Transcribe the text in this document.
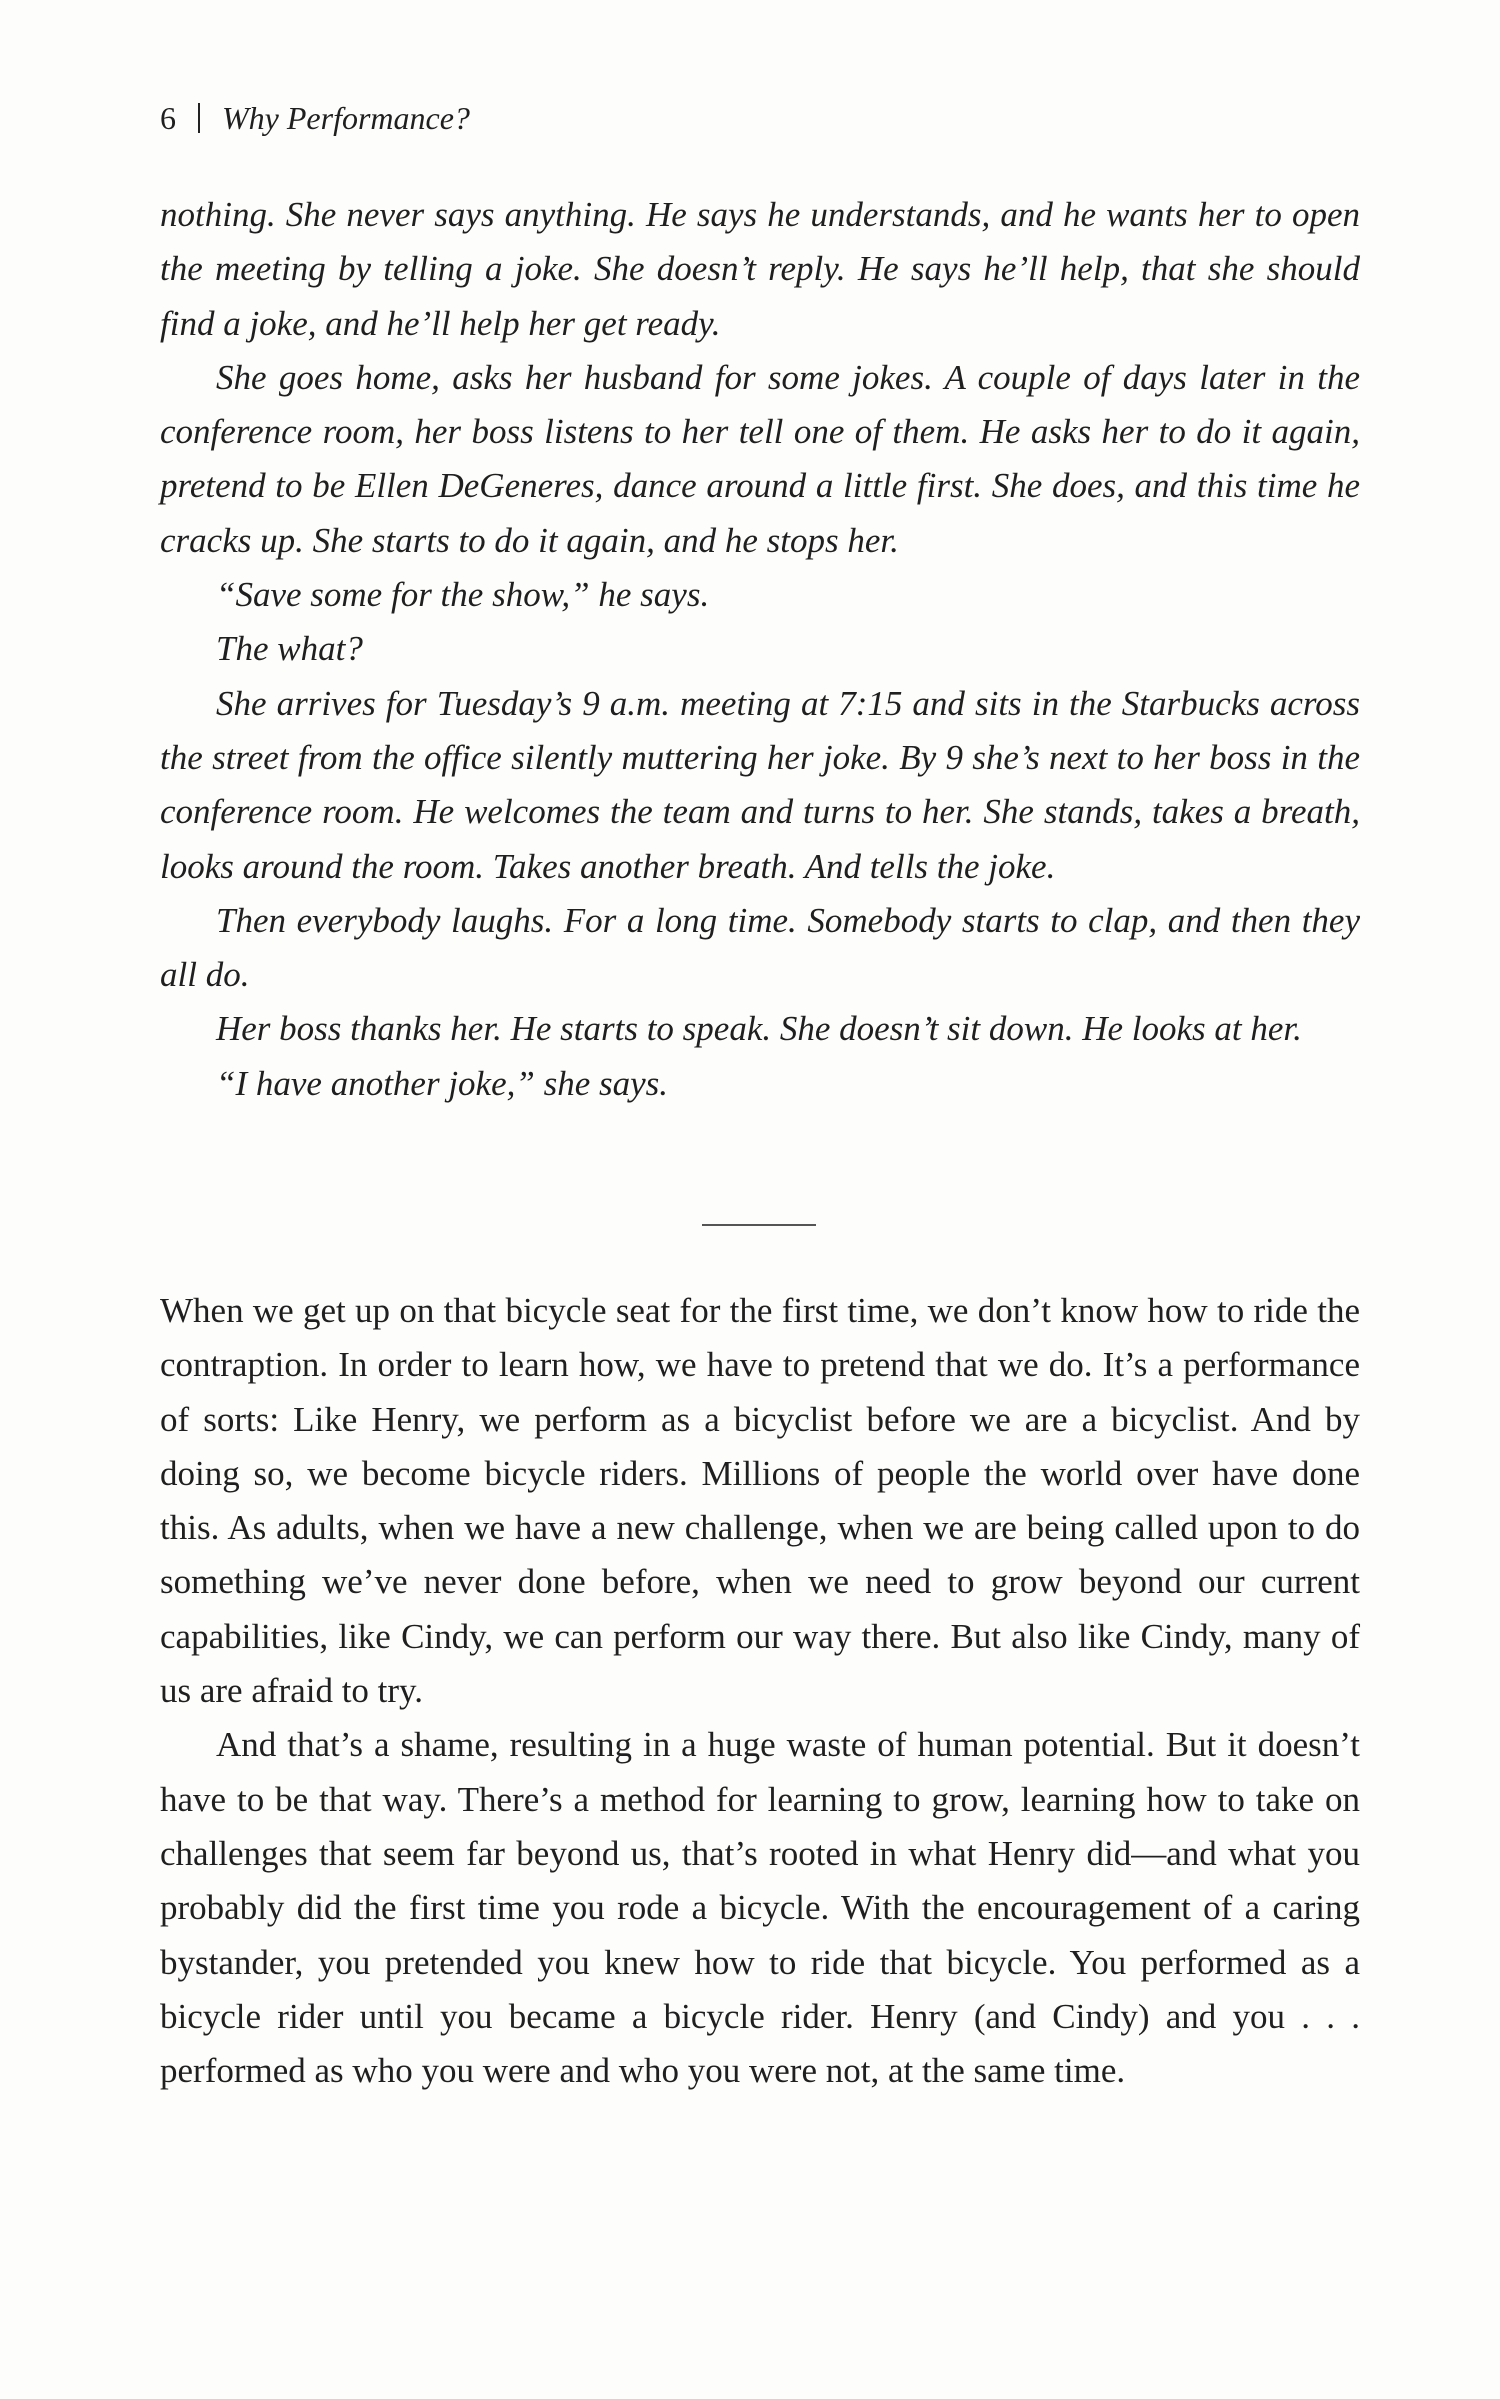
6 Why Performance?

nothing. She never says anything. He says he understands, and he wants her to open the meeting by telling a joke. She doesn’t reply. He says he’ll help, that she should find a joke, and he’ll help her get ready.

She goes home, asks her husband for some jokes. A couple of days later in the conference room, her boss listens to her tell one of them. He asks her to do it again, pretend to be Ellen DeGeneres, dance around a little first. She does, and this time he cracks up. She starts to do it again, and he stops her.

“Save some for the show,” he says.

The what?

She arrives for Tuesday’s 9 a.m. meeting at 7:15 and sits in the Starbucks across the street from the office silently muttering her joke. By 9 she’s next to her boss in the conference room. He welcomes the team and turns to her. She stands, takes a breath, looks around the room. Takes another breath. And tells the joke.

Then everybody laughs. For a long time. Somebody starts to clap, and then they all do.

Her boss thanks her. He starts to speak. She doesn’t sit down. He looks at her.

“I have another joke,” she says.

When we get up on that bicycle seat for the first time, we don’t know how to ride the contraption. In order to learn how, we have to pretend that we do. It’s a performance of sorts: Like Henry, we perform as a bicyclist before we are a bicyclist. And by doing so, we become bicycle riders. Millions of people the world over have done this. As adults, when we have a new challenge, when we are being called upon to do something we’ve never done before, when we need to grow beyond our current capabilities, like Cindy, we can perform our way there. But also like Cindy, many of us are afraid to try.

And that’s a shame, resulting in a huge waste of human potential. But it doesn’t have to be that way. There’s a method for learning to grow, learning how to take on challenges that seem far beyond us, that’s rooted in what Henry did—and what you probably did the first time you rode a bicycle. With the encouragement of a caring bystander, you pretended you knew how to ride that bicycle. You performed as a bicycle rider until you became a bicycle rider. Henry (and Cindy) and you . . . performed as who you were and who you were not, at the same time.
